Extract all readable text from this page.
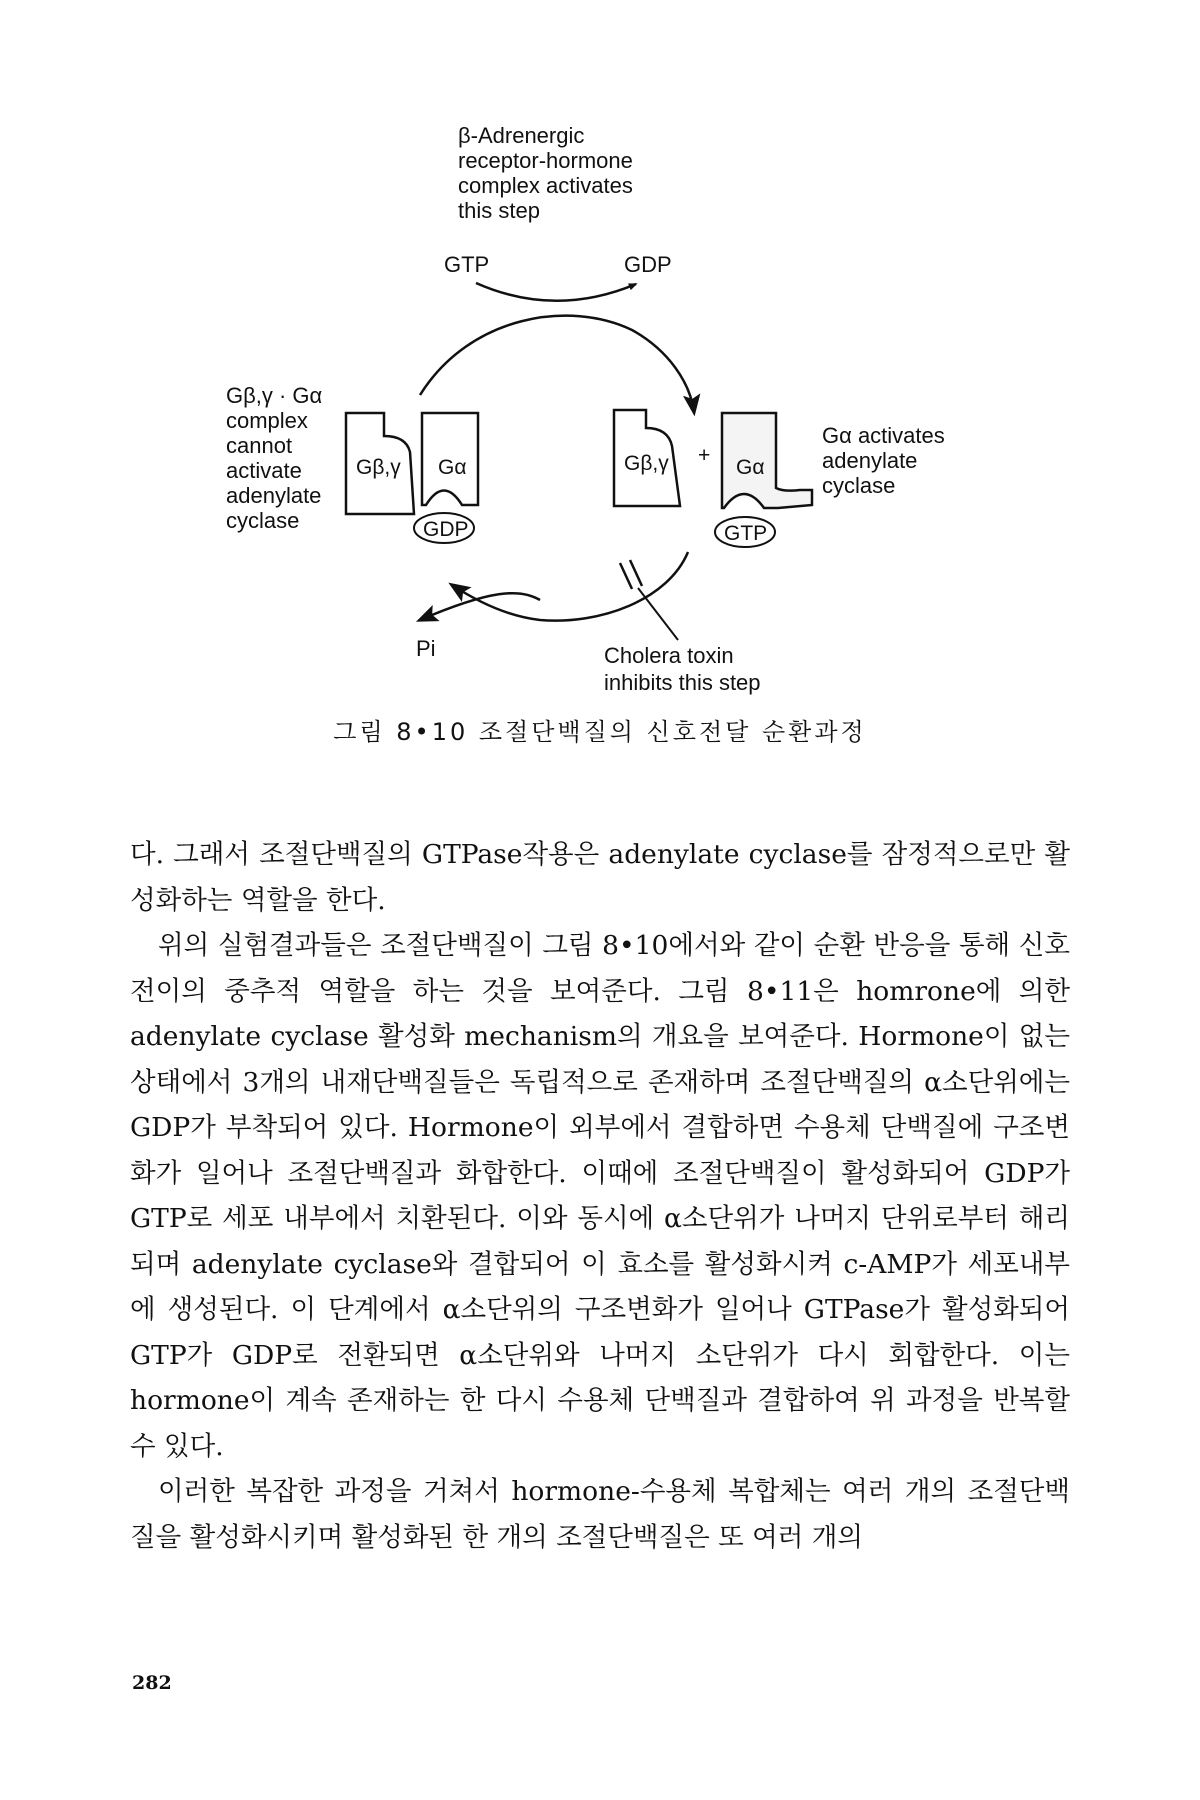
β-Adrenergic
receptor-hormone
complex activates
this step
GTP	GDP
Gβ,γ · Gα
complex
cannot
activate
adenylate
cyclase
Gβ,γ Gα
GDP
Gβ,γ +
Gα
GTP
Gα activates
adenylate
cyclase
Pi	Cholera toxin
inhibits this step
그림 8•10 조절단백질의 신호전달 순환과정

다. 그래서 조절단백질의 GTPase작용은 adenylate cyclase를 잠정적으로만 활성화하는 역할을 한다.

위의 실험결과들은 조절단백질이 그림 8•10에서와 같이 순환 반응을 통해 신호전이의 중추적 역할을 하는 것을 보여준다. 그림 8•11은 homrone에 의한 adenylate cyclase 활성화 mechanism의 개요을 보여준다. Hormone이 없는 상태에서 3개의 내재단백질들은 독립적으로 존재하며 조절단백질의 α소단위에는 GDP가 부착되어 있다. Hormone이 외부에서 결합하면 수용체 단백질에 구조변화가 일어나 조절단백질과 화합한다. 이때에 조절단백질이 활성화되어 GDP가 GTP로 세포 내부에서 치환된다. 이와 동시에 α소단위가 나머지 단위로부터 해리되며 adenylate cyclase와 결합되어 이 효소를 활성화시켜 c-AMP가 세포내부에 생성된다. 이 단계에서 α소단위의 구조변화가 일어나 GTPase가 활성화되어 GTP가 GDP로 전환되면 α소단위와 나머지 소단위가 다시 회합한다. 이는 hormone이 계속 존재하는 한 다시 수용체 단백질과 결합하여 위 과정을 반복할 수 있다.

이러한 복잡한 과정을 거쳐서 hormone-수용체 복합체는 여러 개의 조절단백질을 활성화시키며 활성화된 한 개의 조절단백질은 또 여러 개의

282
